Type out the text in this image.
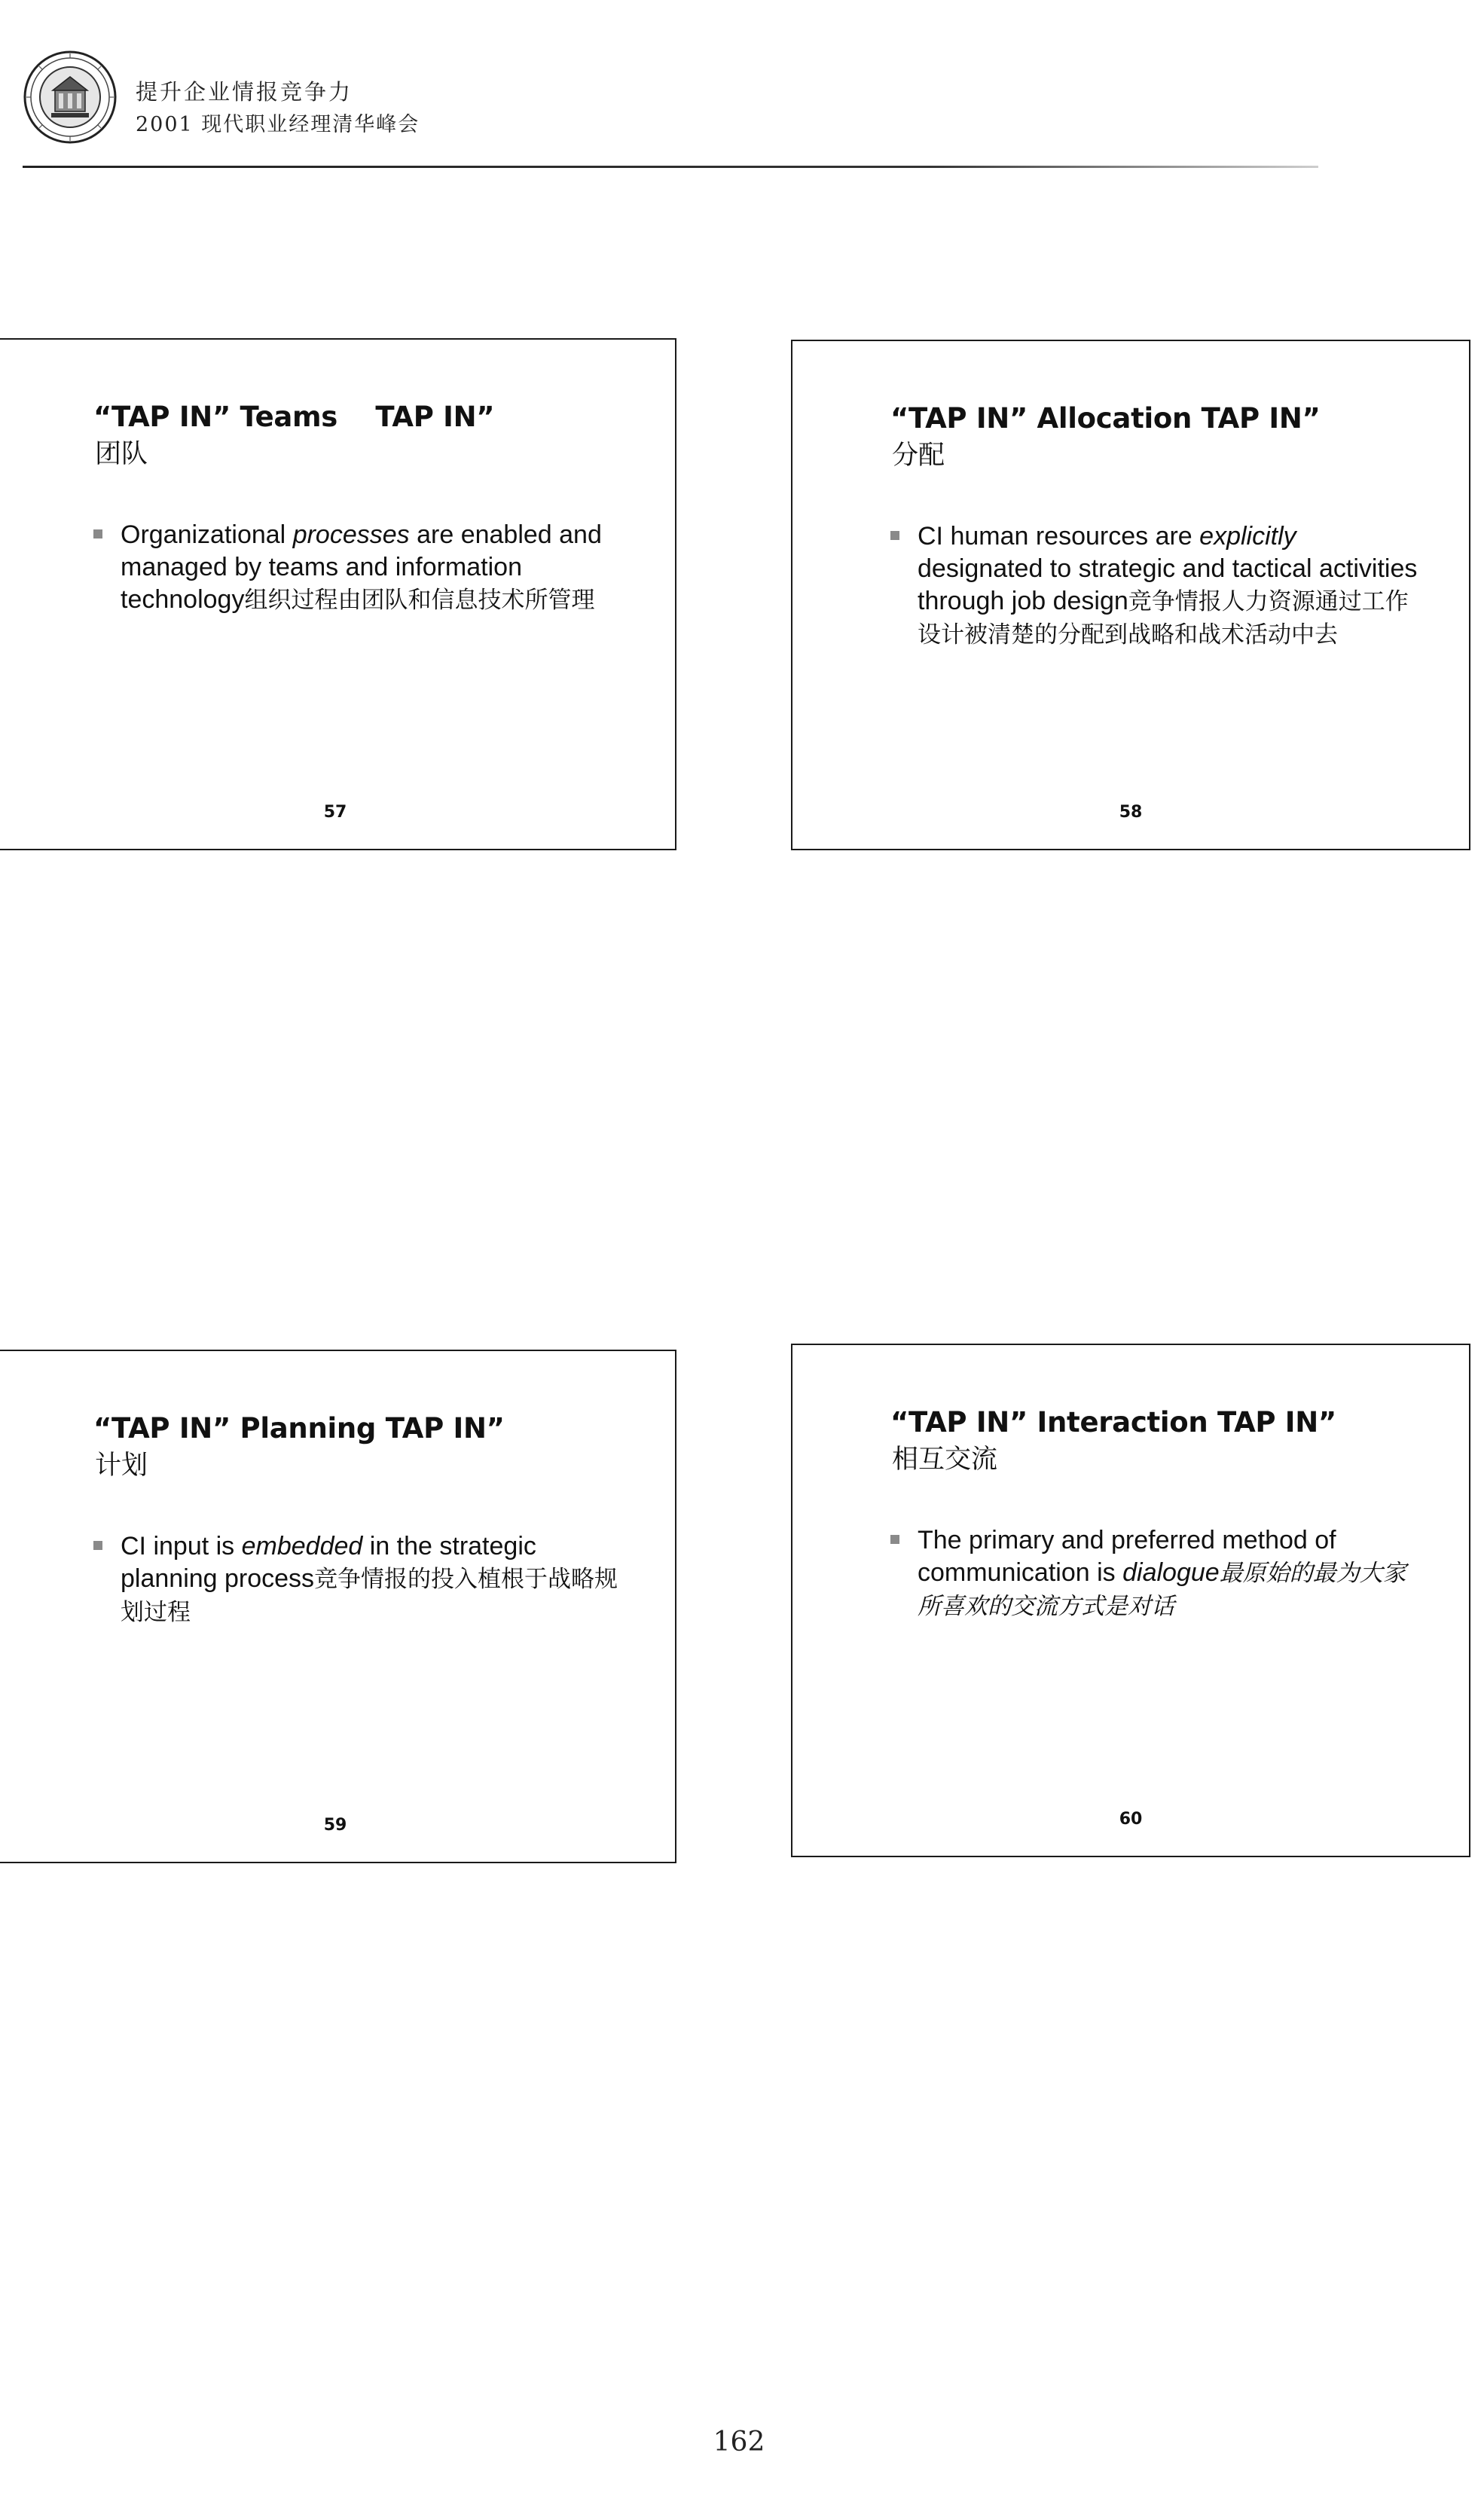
提升企业情报竞争力
2001 现代职业经理清华峰会
“TAP IN” Teams    TAP IN”
团队
Organizational processes are enabled and managed by teams and information technology组织过程由团队和信息技术所管理
57
“TAP IN” Allocation TAP IN”
分配
CI human resources are explicitly designated to strategic and tactical activities through job design竞争情报人力资源通过工作设计被清楚的分配到战略和战术活动中去
58
“TAP IN” Planning TAP IN”
计划
CI input is embedded in the strategic planning process竞争情报的投入植根于战略规划过程
59
“TAP IN” Interaction TAP IN”
相互交流
The primary and preferred method of communication is dialogue最原始的最为大家所喜欢的交流方式是对话
60
162
